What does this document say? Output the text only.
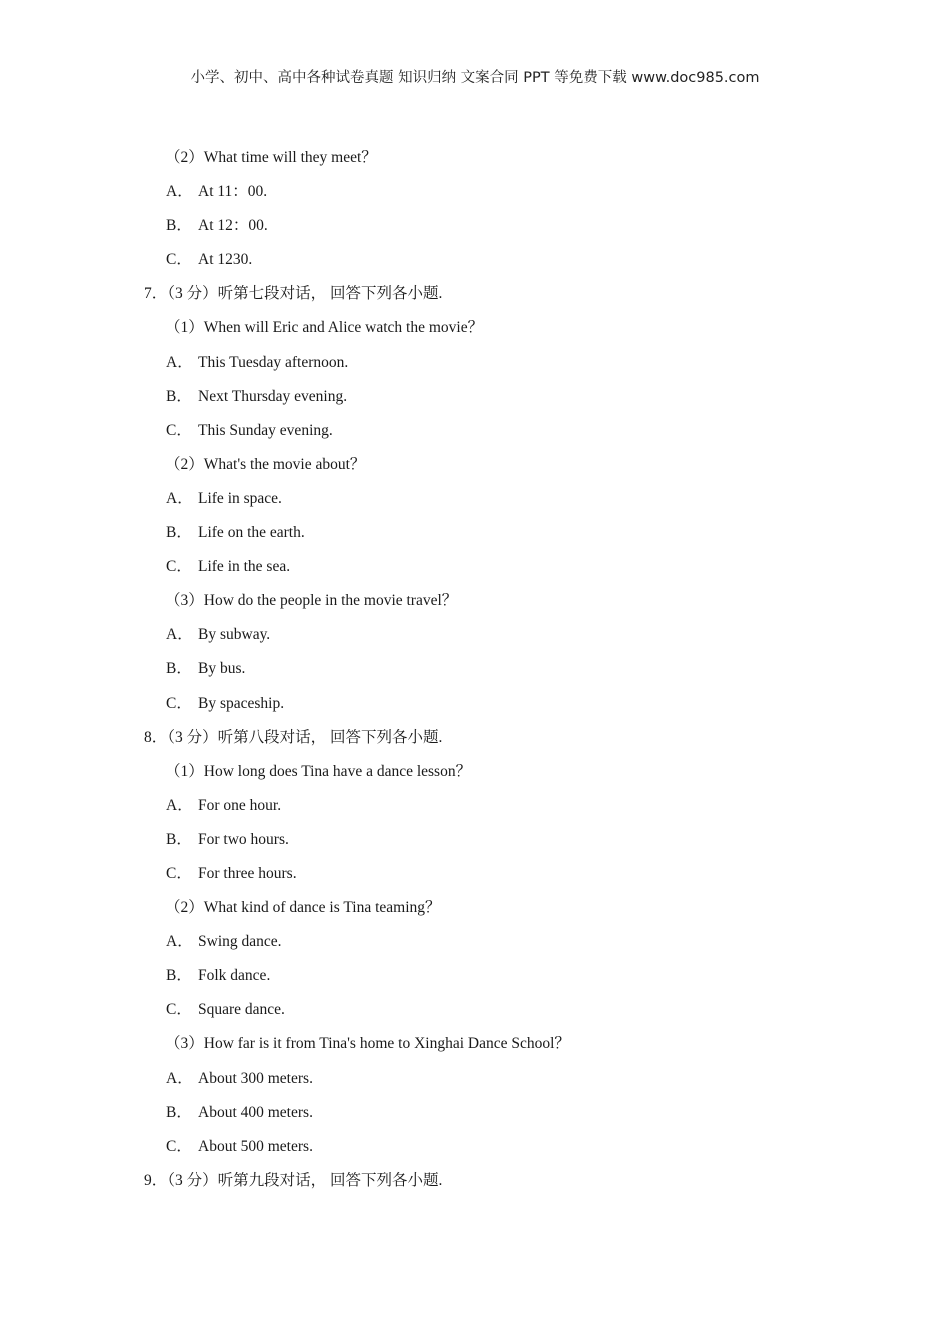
小学、初中、高中各种试卷真题 知识归纳 文案合同 PPT 等免费下载 www.doc985.com
（2）What time will they meet？
A． At 11：00.
B． At 12：00.
C． At 1230.
7．（3 分）听第七段对话， 回答下列各小题.
（1）When will Eric and Alice watch the movie？
A． This Tuesday afternoon.
B． Next Thursday evening.
C． This Sunday evening.
（2）What's the movie about？
A． Life in space.
B． Life on the earth.
C． Life in the sea.
（3）How do the people in the movie travel？
A． By subway.
B． By bus.
C． By spaceship.
8．（3 分）听第八段对话， 回答下列各小题.
（1）How long does Tina have a dance lesson？
A． For one hour.
B． For two hours.
C． For three hours.
（2）What kind of dance is Tina teaming？
A． Swing dance.
B． Folk dance.
C． Square dance.
（3）How far is it from Tina's home to Xinghai Dance School？
A． About 300 meters.
B． About 400 meters.
C． About 500 meters.
9．（3 分）听第九段对话， 回答下列各小题.
